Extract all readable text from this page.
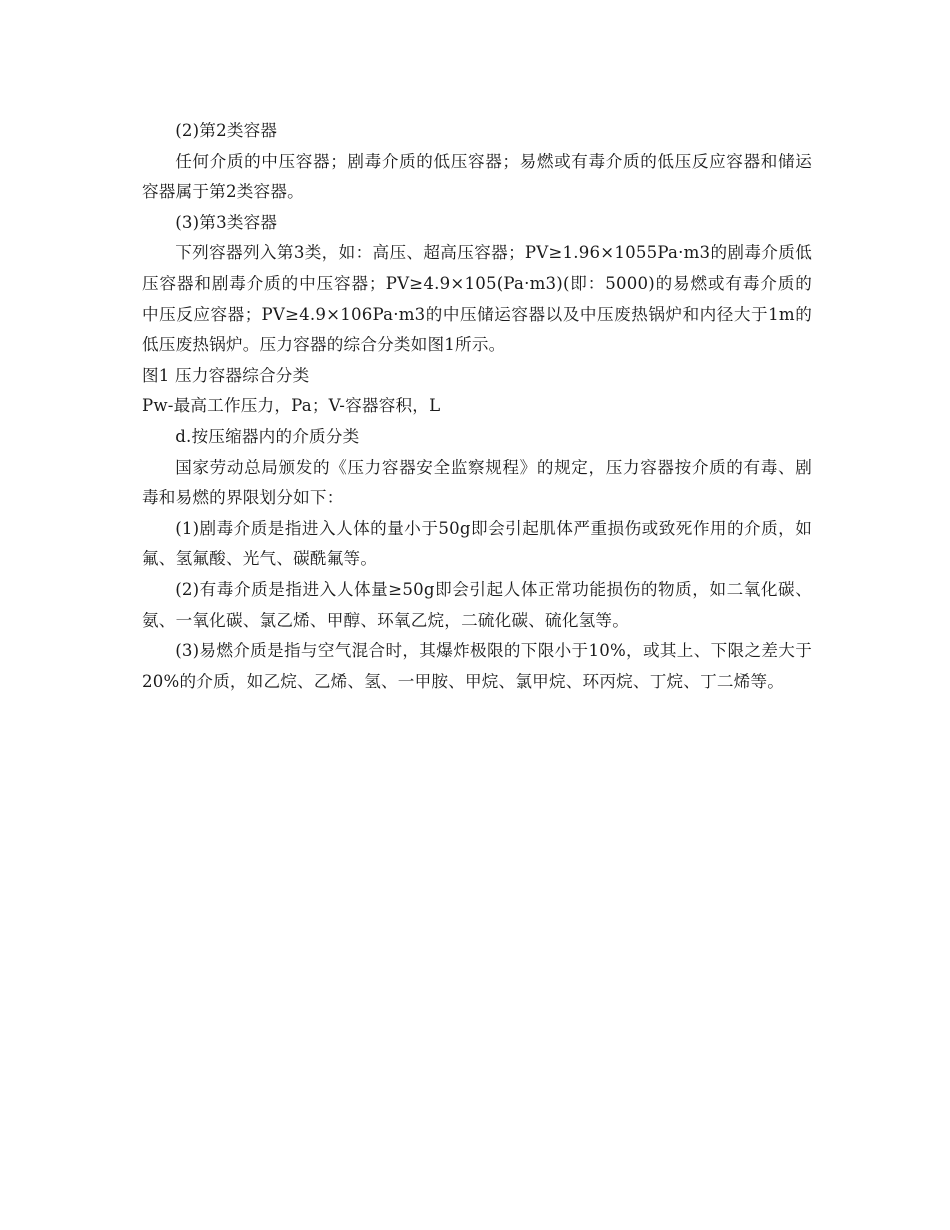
(2)第2类容器

任何介质的中压容器；剧毒介质的低压容器；易燃或有毒介质的低压反应容器和储运容器属于第2类容器。

(3)第3类容器

下列容器列入第3类，如：高压、超高压容器；PV≥1.96×1055Pa·m3的剧毒介质低压容器和剧毒介质的中压容器；PV≥4.9×105(Pa·m3)(即：5000)的易燃或有毒介质的中压反应容器；PV≥4.9×106Pa·m3的中压储运容器以及中压废热锅炉和内径大于1m的低压废热锅炉。压力容器的综合分类如图1所示。

图1 压力容器综合分类

Pw-最高工作压力，Pa；V-容器容积，L

d.按压缩器内的介质分类

国家劳动总局颁发的《压力容器安全监察规程》的规定，压力容器按介质的有毒、剧毒和易燃的界限划分如下：

(1)剧毒介质是指进入人体的量小于50g即会引起肌体严重损伤或致死作用的介质，如氟、氢氟酸、光气、碳酰氟等。

(2)有毒介质是指进入人体量≥50g即会引起人体正常功能损伤的物质，如二氧化碳、氨、一氧化碳、氯乙烯、甲醇、环氧乙烷，二硫化碳、硫化氢等。

(3)易燃介质是指与空气混合时，其爆炸极限的下限小于10%，或其上、下限之差大于20%的介质，如乙烷、乙烯、氢、一甲胺、甲烷、氯甲烷、环丙烷、丁烷、丁二烯等。
